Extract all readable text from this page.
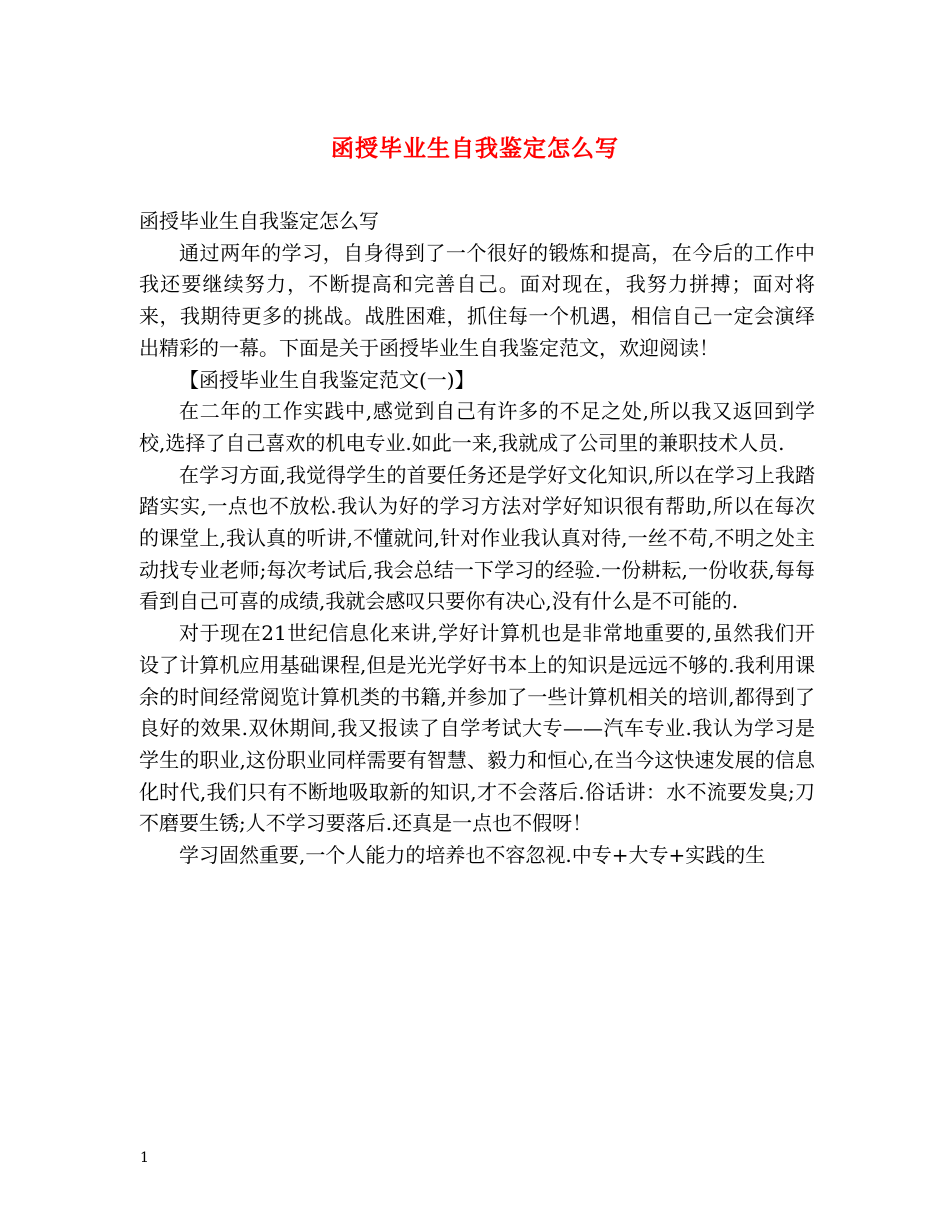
函授毕业生自我鉴定怎么写

函授毕业生自我鉴定怎么写

通过两年的学习，自身得到了一个很好的锻炼和提高，在今后的工作中我还要继续努力，不断提高和完善自己。面对现在，我努力拼搏；面对将来，我期待更多的挑战。战胜困难，抓住每一个机遇，相信自己一定会演绎出精彩的一幕。下面是关于函授毕业生自我鉴定范文，欢迎阅读！

【函授毕业生自我鉴定范文(一)】

在二年的工作实践中,感觉到自己有许多的不足之处,所以我又返回到学校,选择了自己喜欢的机电专业.如此一来,我就成了公司里的兼职技术人员.

在学习方面,我觉得学生的首要任务还是学好文化知识,所以在学习上我踏踏实实,一点也不放松.我认为好的学习方法对学好知识很有帮助,所以在每次的课堂上,我认真的听讲,不懂就问,针对作业我认真对待,一丝不苟,不明之处主动找专业老师;每次考试后,我会总结一下学习的经验.一份耕耘,一份收获,每每看到自己可喜的成绩,我就会感叹只要你有决心,没有什么是不可能的.

对于现在21世纪信息化来讲,学好计算机也是非常地重要的,虽然我们开设了计算机应用基础课程,但是光光学好书本上的知识是远远不够的.我利用课余的时间经常阅览计算机类的书籍,并参加了一些计算机相关的培训,都得到了良好的效果.双休期间,我又报读了自学考试大专——汽车专业.我认为学习是学生的职业,这份职业同样需要有智慧、毅力和恒心,在当今这快速发展的信息化时代,我们只有不断地吸取新的知识,才不会落后.俗话讲：水不流要发臭;刀不磨要生锈;人不学习要落后.还真是一点也不假呀！

学习固然重要,一个人能力的培养也不容忽视.中专+大专+实践的生

1
